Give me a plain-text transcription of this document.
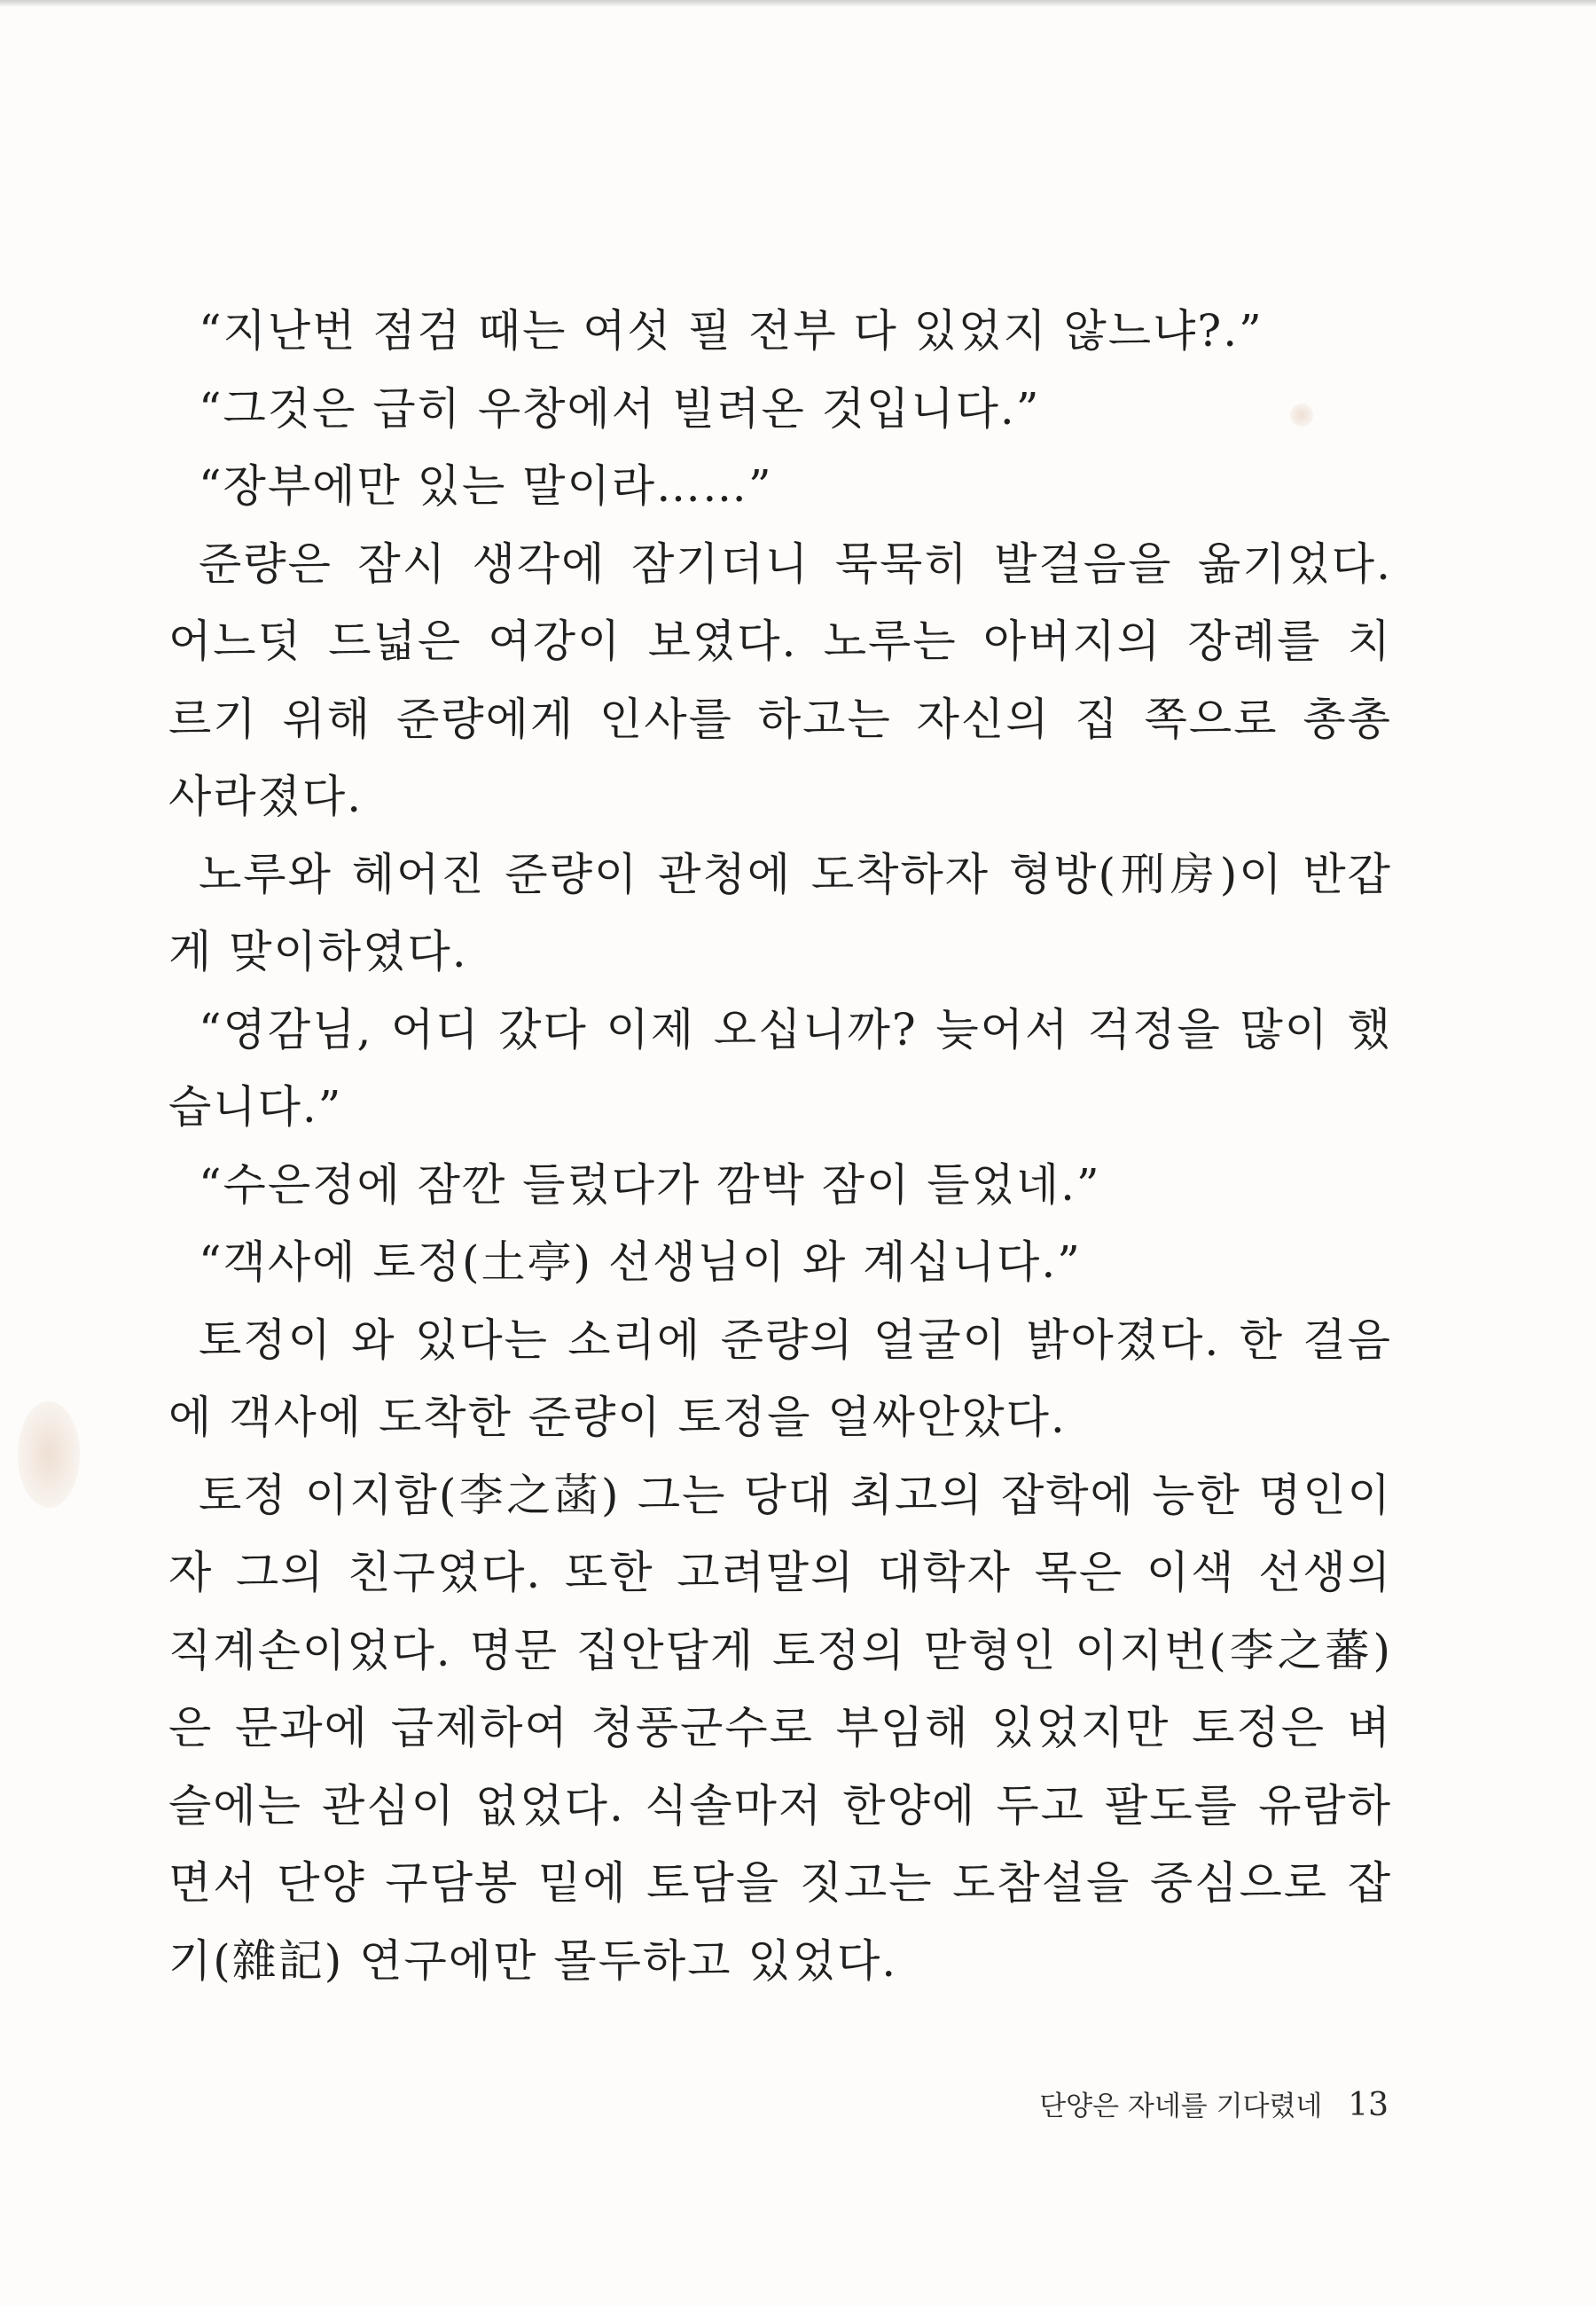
“지난번 점검 때는 여섯 필 전부 다 있었지 않느냐?.”
“그것은 급히 우창에서 빌려온 것입니다.”
“장부에만 있는 말이라……”
준량은 잠시 생각에 잠기더니 묵묵히 발걸음을 옮기었다.
어느덧 드넓은 여강이 보였다. 노루는 아버지의 장례를 치
르기 위해 준량에게 인사를 하고는 자신의 집 쪽으로 총총
사라졌다.
노루와 헤어진 준량이 관청에 도착하자 형방(刑房)이 반갑
게 맞이하였다.
“영감님, 어디 갔다 이제 오십니까? 늦어서 걱정을 많이 했
습니다.”
“수은정에 잠깐 들렀다가 깜박 잠이 들었네.”
“객사에 토정(土亭) 선생님이 와 계십니다.”
토정이 와 있다는 소리에 준량의 얼굴이 밝아졌다. 한 걸음
에 객사에 도착한 준량이 토정을 얼싸안았다.
토정 이지함(李之菡) 그는 당대 최고의 잡학에 능한 명인이
자 그의 친구였다. 또한 고려말의 대학자 목은 이색 선생의
직계손이었다. 명문 집안답게 토정의 맏형인 이지번(李之蕃)
은 문과에 급제하여 청풍군수로 부임해 있었지만 토정은 벼
슬에는 관심이 없었다. 식솔마저 한양에 두고 팔도를 유람하
면서 단양 구담봉 밑에 토담을 짓고는 도참설을 중심으로 잡
기(雜記) 연구에만 몰두하고 있었다.
단양은 자네를 기다렸네 13
